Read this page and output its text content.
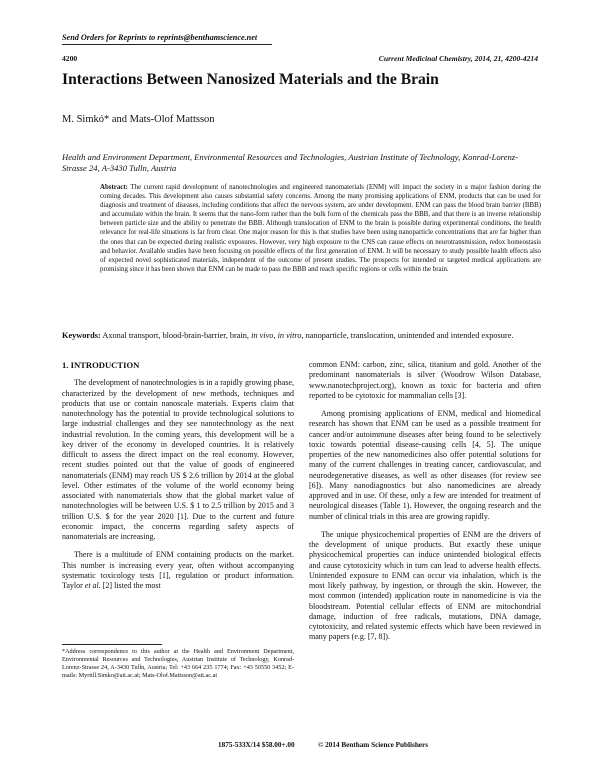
Send Orders for Reprints to reprints@benthamscience.net
4200	Current Medicinal Chemistry, 2014, 21, 4200-4214
Interactions Between Nanosized Materials and the Brain
M. Simkó* and Mats-Olof Mattsson
Health and Environment Department, Environmental Resources and Technologies, Austrian Institute of Technology, Konrad-Lorenz-Strasse 24, A-3430 Tulln, Austria
Abstract: The current rapid development of nanotechnologies and engineered nanomaterials (ENM) will impact the society in a major fashion during the coming decades. This development also causes substantial safety concerns. Among the many promising applications of ENM, products that can be used for diagnosis and treatment of diseases, including conditions that affect the nervous system, are under development. ENM can pass the blood brain barrier (BBB) and accumulate within the brain. It seems that the nano-form rather than the bulk form of the chemicals pass the BBB, and that there is an inverse relationship between particle size and the ability to penetrate the BBB. Although translocation of ENM to the brain is possible during experimental conditions, the health relevance for real-life situations is far from clear. One major reason for this is that studies have been using nanoparticle concentrations that are far higher than the ones that can be expected during realistic exposures. However, very high exposure to the CNS can cause effects on neurotransmission, redox homeostasis and behavior. Available studies have been focusing on possible effects of the first generation of ENM. It will be necessary to study possible health effects also of expected novel sophisticated materials, independent of the outcome of present studies. The prospects for intended or targeted medical applications are promising since it has been shown that ENM can be made to pass the BBB and reach specific regions or cells within the brain.
Keywords: Axonal transport, blood-brain-barrier, brain, in vivo, in vitro, nanoparticle, translocation, unintended and intended exposure.
1. INTRODUCTION

The development of nanotechnologies is in a rapidly growing phase, characterized by the development of new methods, techniques and products that use or contain nanoscale materials. Experts claim that nanotechnology has the potential to provide technological solutions to large industrial challenges and they see nanotechnology as the next industrial revolution. In the coming years, this development will be a key driver of the economy in developed countries. It is relatively difficult to assess the direct impact on the real economy. However, recent studies pointed out that the value of goods of engineered nanomaterials (ENM) may reach US $ 2.6 trillion by 2014 at the global level. Other estimates of the volume of the world economy being associated with nanomaterials show that the global market value of nanotechnologies will be between U.S. $ 1 to 2.5 trillion by 2015 and 3 trillion U.S. $ for the year 2020 [1]. Due to the current and future economic impact, the concerns regarding safety aspects of nanomaterials are increasing.

There is a multitude of ENM containing products on the market. This number is increasing every year, often without accompanying systematic toxicology tests [1], regulation or product information. Taylor et al. [2] listed the most

common ENM: carbon, zinc, silica, titanium and gold. Another of the predominant nanomaterials is silver (Woodrow Wilson Database, www.nanotechproject.org), known as toxic for bacteria and often reported to be cytotoxic for mammalian cells [3].

Among promising applications of ENM, medical and biomedical research has shown that ENM can be used as a possible treatment for cancer and/or autoimmune diseases after being found to be selectively toxic towards potential disease-causing cells [4, 5]. The unique properties of the new nanomedicines also offer potential solutions for many of the current challenges in treating cancer, cardiovascular, and neurodegenerative diseases, as well as other diseases (for review see [6]). Many nanodiagnostics but also nanomedicines are already approved and in use. Of these, only a few are intended for treatment of neurological diseases (Table 1). However, the ongoing research and the number of clinical trials in this area are growing rapidly.

The unique physicochemical properties of ENM are the drivers of the development of unique products. But exactly these unique physicochemical properties can induce unintended biological effects and cause cytotoxicity which in turn can lead to adverse health effects. Unintended exposure to ENM can occur via inhalation, which is the most likely pathway, by ingestion, or through the skin. However, the most common (intended) application route in nanomedicine is via the bloodstream. Potential cellular effects of ENM are mitochondrial damage, induction of free radicals, mutations, DNA damage, cytotoxicity, and related systemic effects which have been reviewed in many papers (e.g. [7, 8]).

*Address correspondence to this author at the Health and Environment Department, Environmental Resources and Technologies, Austrian Institute of Technology, Konrad-Lorenz-Strasse 24, A-3430 Tulln, Austria; Tel: +43 664 235 1774; Fax: +43 50550 3452; E-mails: Myrtill.Simko@ait.ac.at; Mats-Olof.Mattsson@ait.ac.at
1875-533X/14 $58.00+.00	© 2014 Bentham Science Publishers
